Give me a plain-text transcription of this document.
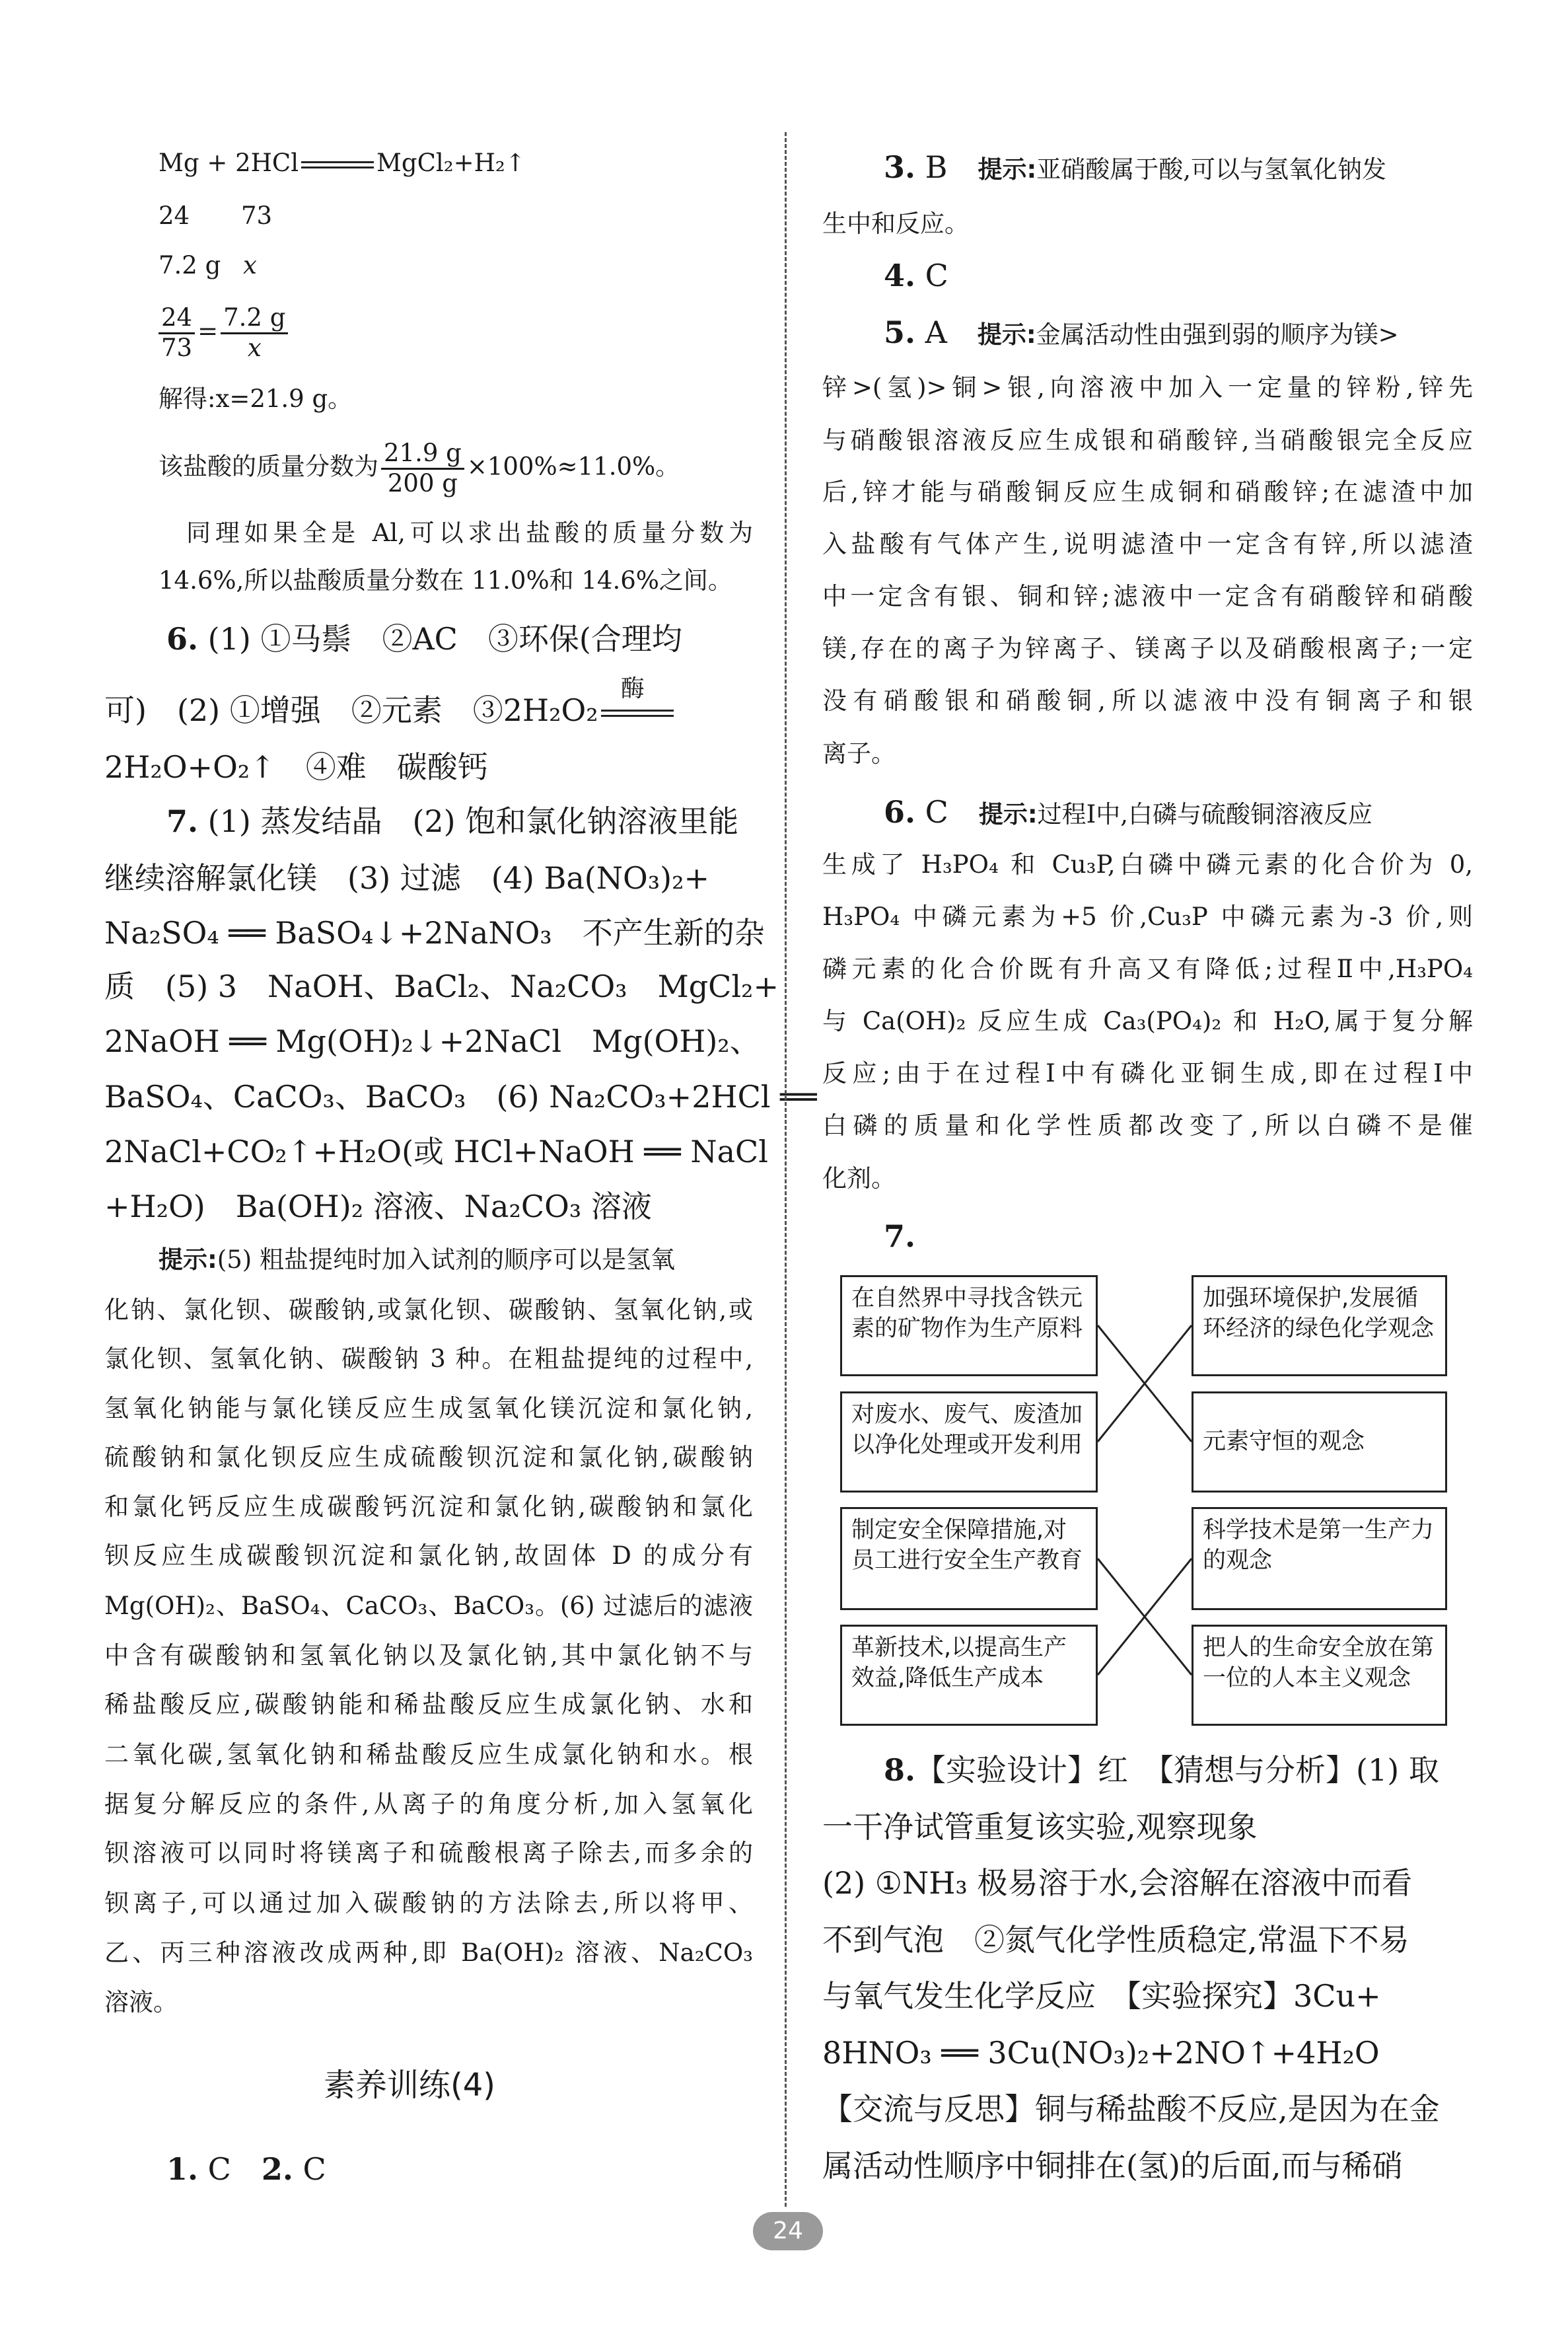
Mg + 2HCl	MgCl₂+H₂↑
24 73
7.2 g x
$\frac{24}{73} = \frac{7.2 g}{x}$
解得:x=21.9 g。
该盐酸的质量分数为 $\frac{21.9 g}{200 g} \times 100\%\approx 11.0\%$。
同理如果全是 Al,可以求出盐酸的质量分数为
14.6%,所以盐酸质量分数在 11.0%和 14.6%之间。
6. (1) ①马鬃　②AC　③环保(合理均
可)　(2) ①增强　②元素　③2H₂O₂
酶
2H₂O+O₂↑　④难　碳酸钙
7. (1) 蒸发结晶　(2) 饱和氯化钠溶液里能
继续溶解氯化镁　(3) 过滤　(4) Ba(NO₃)₂+
Na₂SO₄ ══ BaSO₄↓+2NaNO₃　不产生新的杂
质　(5) 3　NaOH、BaCl₂、Na₂CO₃　MgCl₂+
2NaOH ══ Mg(OH)₂↓+2NaCl　Mg(OH)₂、
BaSO₄、CaCO₃、BaCO₃　(6) Na₂CO₃+2HCl ══
2NaCl+CO₂↑+H₂O(或 HCl+NaOH ══ NaCl
+H₂O)　Ba(OH)₂ 溶液、Na₂CO₃ 溶液
提示:(5) 粗盐提纯时加入试剂的顺序可以是氢氧
化钠、氯化钡、碳酸钠,或氯化钡、碳酸钠、氢氧化钠,或
氯化钡、氢氧化钠、碳酸钠 3 种。在粗盐提纯的过程中,
氢氧化钠能与氯化镁反应生成氢氧化镁沉淀和氯化钠,
硫酸钠和氯化钡反应生成硫酸钡沉淀和氯化钠,碳酸钠
和氯化钙反应生成碳酸钙沉淀和氯化钠,碳酸钠和氯化
钡反应生成碳酸钡沉淀和氯化钠,故固体 D 的成分有
Mg(OH)₂、BaSO₄、CaCO₃、BaCO₃。(6) 过滤后的滤液
中含有碳酸钠和氢氧化钠以及氯化钠,其中氯化钠不与
稀盐酸反应,碳酸钠能和稀盐酸反应生成氯化钠、水和
二氧化碳,氢氧化钠和稀盐酸反应生成氯化钠和水。根
据复分解反应的条件,从离子的角度分析,加入氢氧化
钡溶液可以同时将镁离子和硫酸根离子除去,而多余的
钡离子,可以通过加入碳酸钠的方法除去,所以将甲、
乙、丙三种溶液改成两种,即 Ba(OH)₂ 溶液、Na₂CO₃
溶液。
素养训练(4)
1. C　 2. C
3. B　 提示:亚硝酸属于酸,可以与氢氧化钠发
生中和反应。
4. C
5. A　 提示:金属活动性由强到弱的顺序为镁>
锌>(氢)>铜>银,向溶液中加入一定量的锌粉,锌先
与硝酸银溶液反应生成银和硝酸锌,当硝酸银完全反应
后,锌才能与硝酸铜反应生成铜和硝酸锌;在滤渣中加
入盐酸有气体产生,说明滤渣中一定含有锌,所以滤渣
中一定含有银、铜和锌;滤液中一定含有硝酸锌和硝酸
镁,存在的离子为锌离子、镁离子以及硝酸根离子;一定
没有硝酸银和硝酸铜,所以滤液中没有铜离子和银
离子。
6. C　 提示:过程Ⅰ中,白磷与硫酸铜溶液反应
生成了 H₃PO₄ 和 Cu₃P,白磷中磷元素的化合价为 0,
H₃PO₄ 中磷元素为+5 价,Cu₃P 中磷元素为-3 价,则
磷元素的化合价既有升高又有降低;过程Ⅱ中,H₃PO₄
与 Ca(OH)₂ 反应生成 Ca₃(PO₄)₂ 和 H₂O,属于复分解
反应;由于在过程Ⅰ中有磷化亚铜生成,即在过程Ⅰ中
白磷的质量和化学性质都改变了,所以白磷不是催
化剂。
7.
在自然界中寻找含铁元素的矿物作为生产原料
对废水、废气、废渣加以净化处理或开发利用
制定安全保障措施,对员工进行安全生产教育
革新技术,以提高生产效益,降低生产成本
加强环境保护,发展循环经济的绿色化学观念
元素守恒的观念
科学技术是第一生产力的观念
把人的生命安全放在第一位的人本主义观念
8.【实验设计】红　【猜想与分析】(1) 取
一干净试管重复该实验,观察现象
(2) ①NH₃ 极易溶于水,会溶解在溶液中而看
不到气泡　②氮气化学性质稳定,常温下不易
与氧气发生化学反应　【实验探究】3Cu+
8HNO₃ ══ 3Cu(NO₃)₂+2NO↑+4H₂O
【交流与反思】铜与稀盐酸不反应,是因为在金
属活动性顺序中铜排在(氢)的后面,而与稀硝
24
